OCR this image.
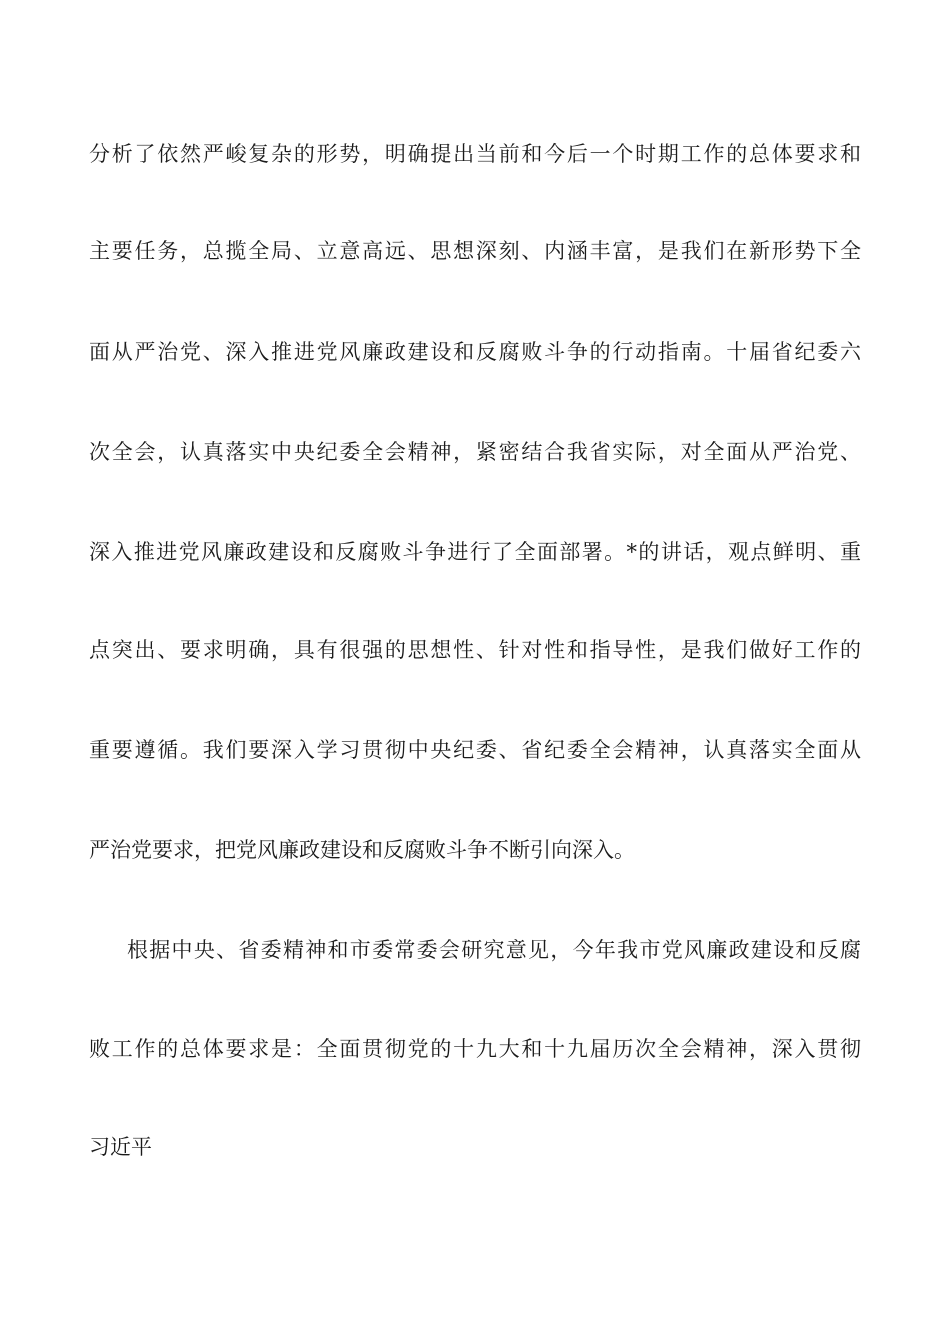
分析了依然严峻复杂的形势，明确提出当前和今后一个时期工作的总体要求和
主要任务，总揽全局、立意高远、思想深刻、内涵丰富，是我们在新形势下全
面从严治党、深入推进党风廉政建设和反腐败斗争的行动指南。十届省纪委六
次全会，认真落实中央纪委全会精神，紧密结合我省实际，对全面从严治党、
深入推进党风廉政建设和反腐败斗争进行了全面部署。*的讲话，观点鲜明、重
点突出、要求明确，具有很强的思想性、针对性和指导性，是我们做好工作的
重要遵循。我们要深入学习贯彻中央纪委、省纪委全会精神，认真落实全面从
严治党要求，把党风廉政建设和反腐败斗争不断引向深入。
根据中央、省委精神和市委常委会研究意见，今年我市党风廉政建设和反腐
败工作的总体要求是：全面贯彻党的十九大和十九届历次全会精神，深入贯彻
习近平
